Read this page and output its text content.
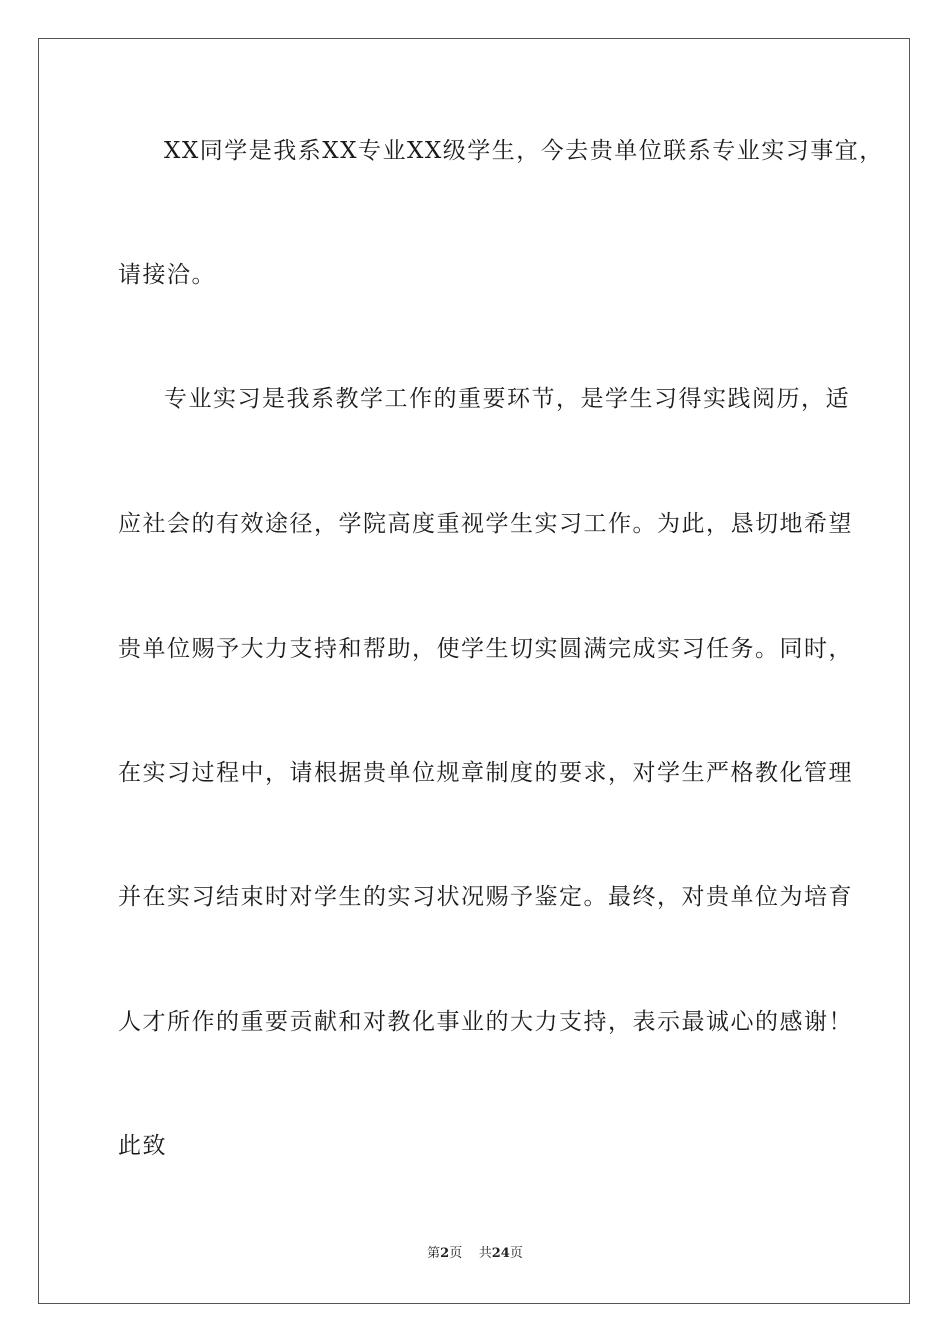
XX同学是我系XX专业XX级学生，今去贵单位联系专业实习事宜，
请接洽。
专业实习是我系教学工作的重要环节，是学生习得实践阅历，适
应社会的有效途径，学院高度重视学生实习工作。为此，恳切地希望
贵单位赐予大力支持和帮助，使学生切实圆满完成实习任务。同时，
在实习过程中，请根据贵单位规章制度的要求，对学生严格教化管理
并在实习结束时对学生的实习状况赐予鉴定。最终，对贵单位为培育
人才所作的重要贡献和对教化事业的大力支持，表示最诚心的感谢！
此致
第2页 共24页
